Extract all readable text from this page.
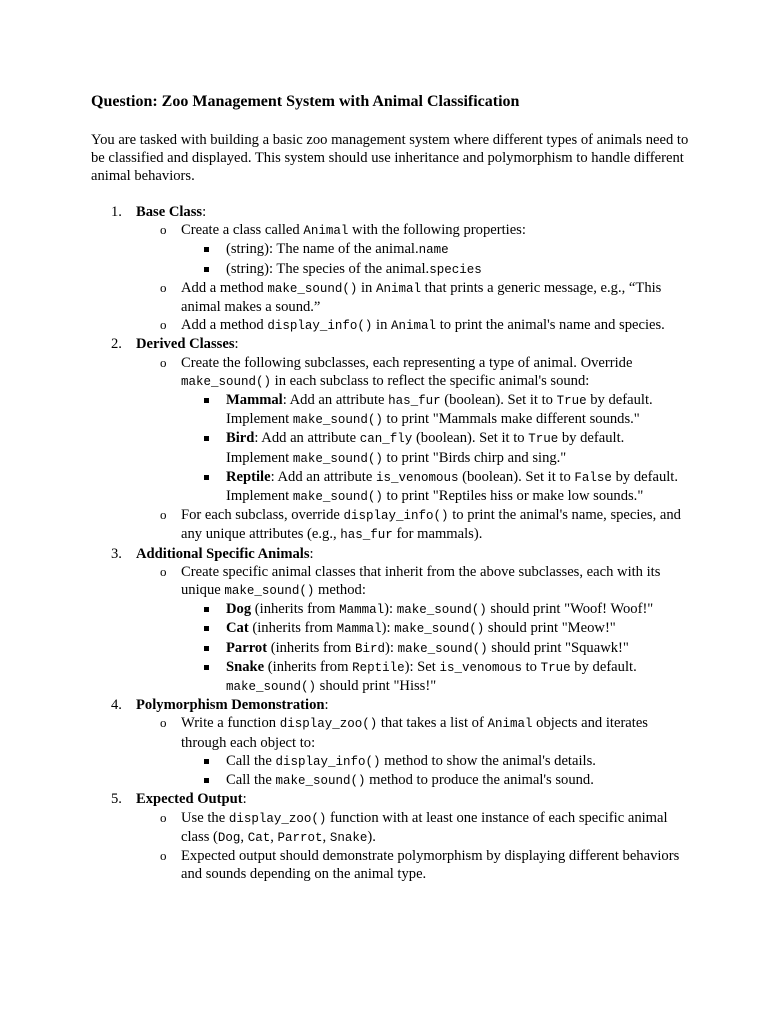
Question: Zoo Management System with Animal Classification

You are tasked with building a basic zoo management system where different types of animals need to be classified and displayed. This system should use inheritance and polymorphism to handle different animal behaviors.

1. Base Class:
o Create a class called Animal with the following properties:
(string): The name of the animal.name
(string): The species of the animal.species
o Add a method make_sound() in Animal that prints a generic message, e.g., “This animal makes a sound.”
o Add a method display_info() in Animal to print the animal's name and species.
2. Derived Classes:
o Create the following subclasses, each representing a type of animal. Override make_sound() in each subclass to reflect the specific animal's sound:
Mammal: Add an attribute has_fur (boolean). Set it to True by default. Implement make_sound() to print "Mammals make different sounds."
Bird: Add an attribute can_fly (boolean). Set it to True by default. Implement make_sound() to print "Birds chirp and sing."
Reptile: Add an attribute is_venomous (boolean). Set it to False by default. Implement make_sound() to print "Reptiles hiss or make low sounds."
o For each subclass, override display_info() to print the animal's name, species, and any unique attributes (e.g., has_fur for mammals).
3. Additional Specific Animals:
o Create specific animal classes that inherit from the above subclasses, each with its unique make_sound() method:
Dog (inherits from Mammal): make_sound() should print "Woof! Woof!"
Cat (inherits from Mammal): make_sound() should print "Meow!"
Parrot (inherits from Bird): make_sound() should print "Squawk!"
Snake (inherits from Reptile): Set is_venomous to True by default. make_sound() should print "Hiss!"
4. Polymorphism Demonstration:
o Write a function display_zoo() that takes a list of Animal objects and iterates through each object to:
Call the display_info() method to show the animal's details.
Call the make_sound() method to produce the animal's sound.
5. Expected Output:
o Use the display_zoo() function with at least one instance of each specific animal class (Dog, Cat, Parrot, Snake).
o Expected output should demonstrate polymorphism by displaying different behaviors and sounds depending on the animal type.
